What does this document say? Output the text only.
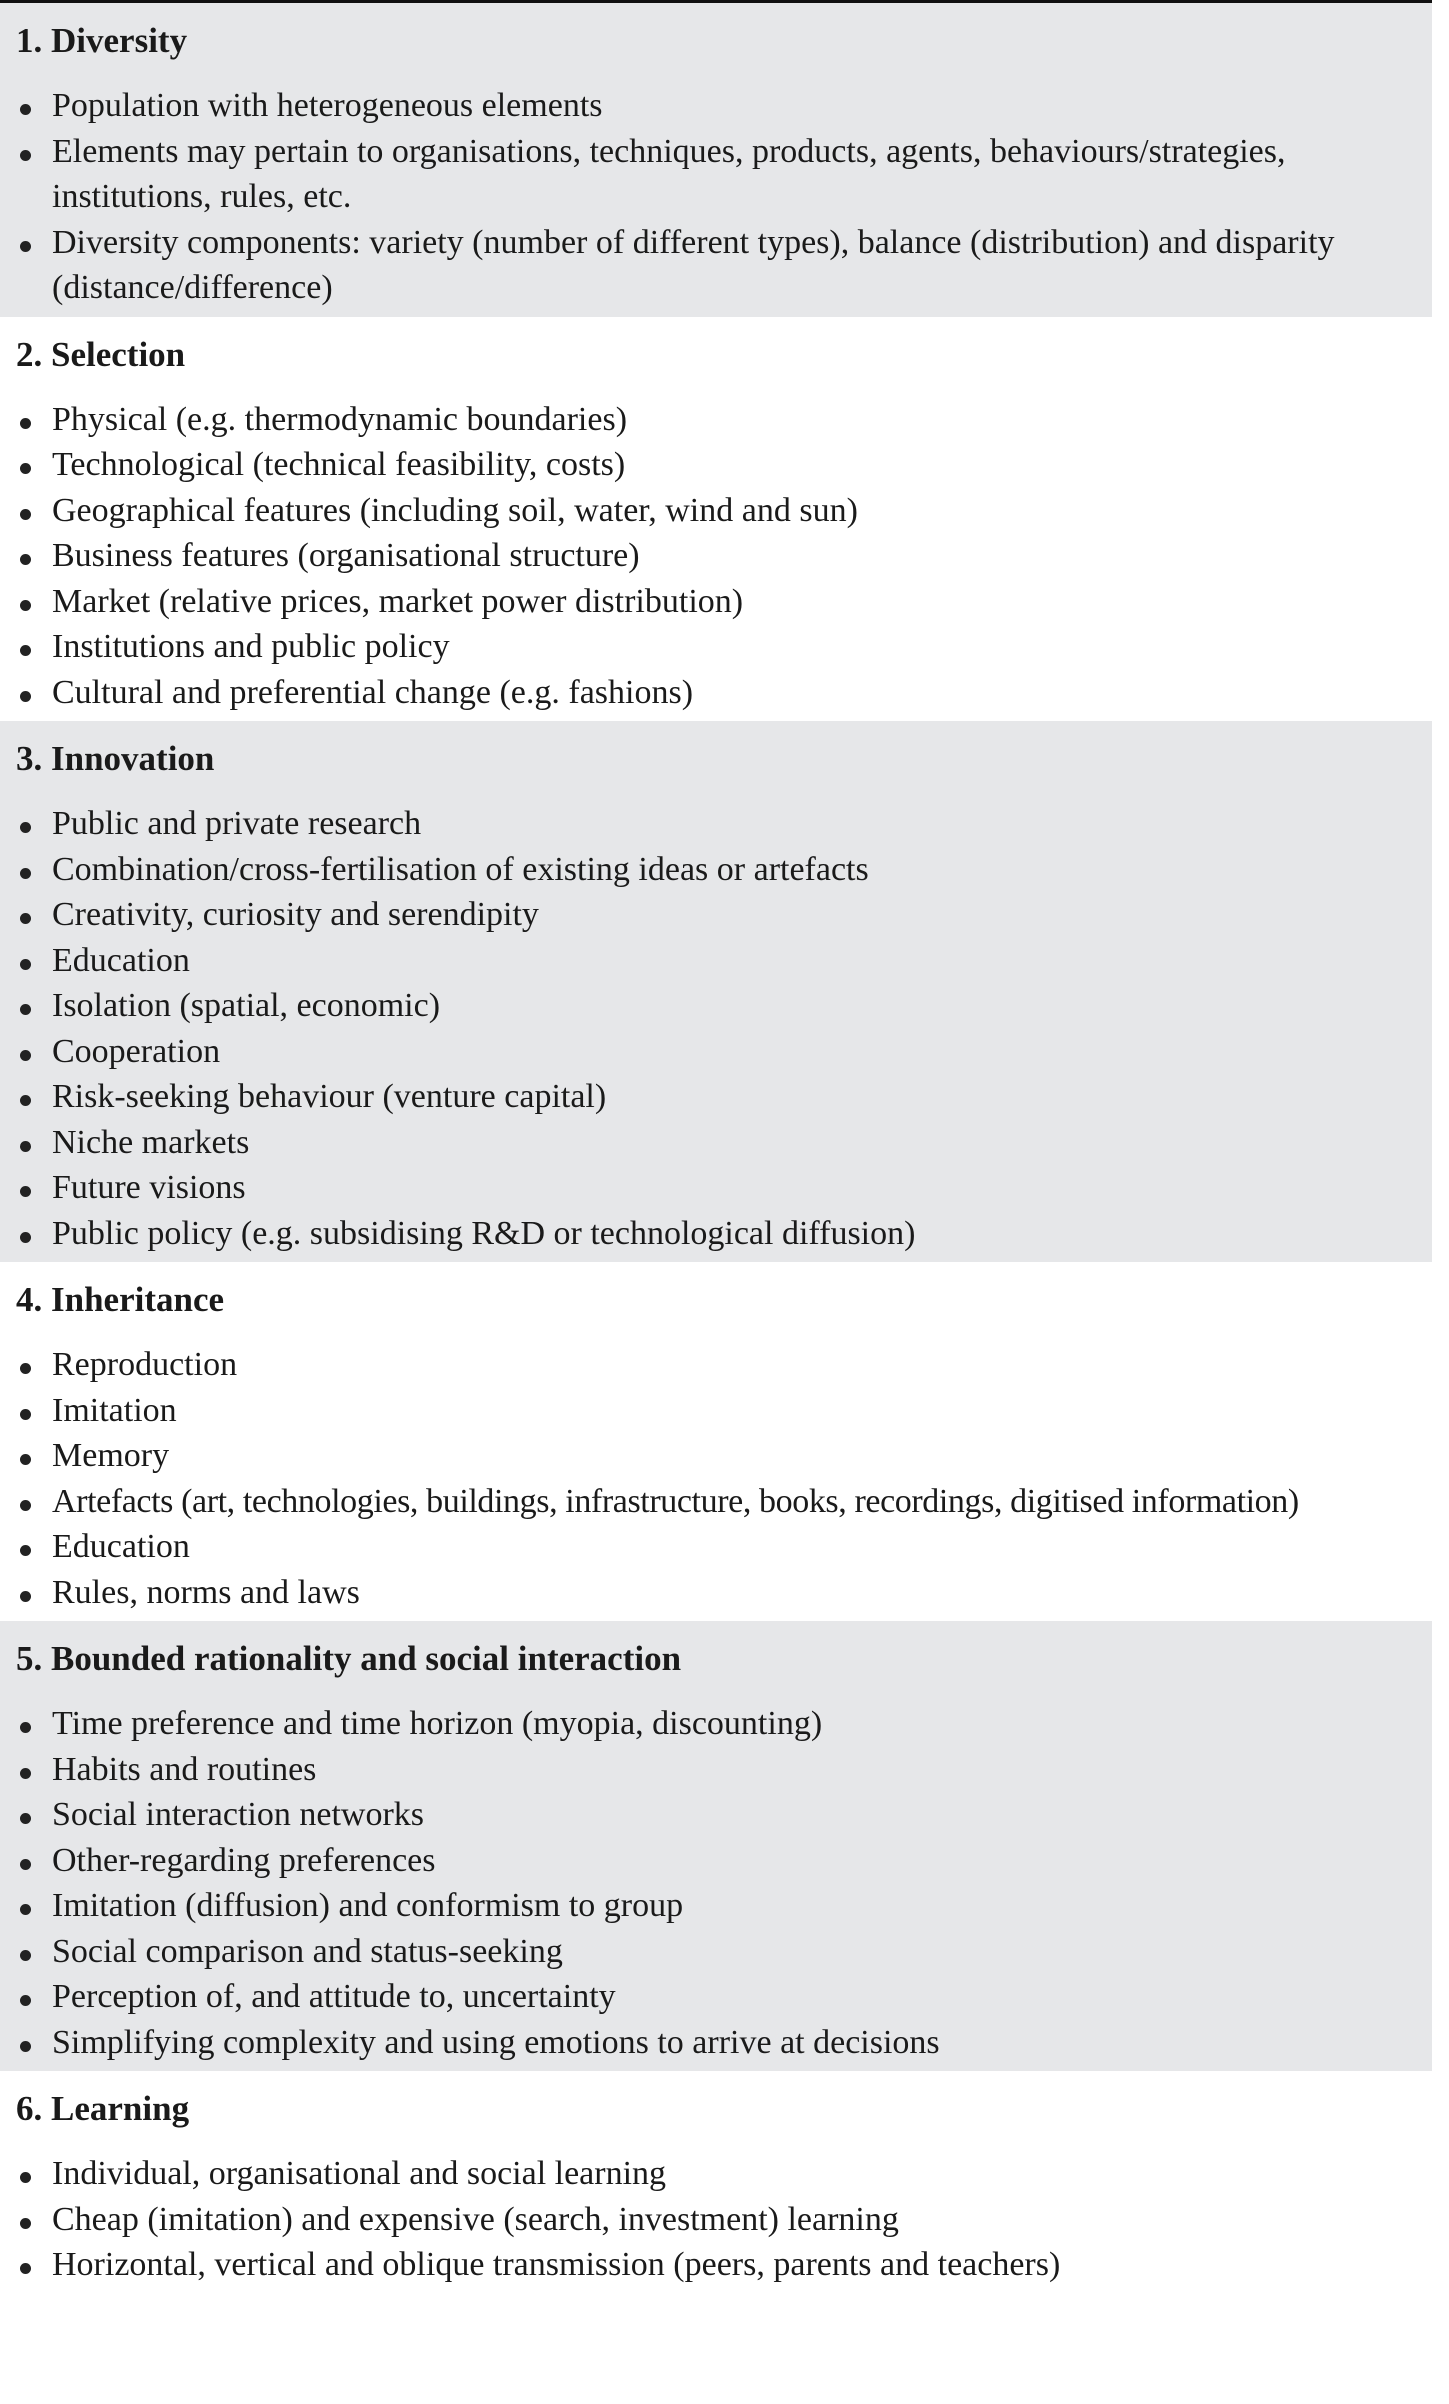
1. Diversity
Population with heterogeneous elements
Elements may pertain to organisations, techniques, products, agents, behaviours/strategies, institutions, rules, etc.
Diversity components: variety (number of different types), balance (distribution) and disparity (distance/difference)
2. Selection
Physical (e.g. thermodynamic boundaries)
Technological (technical feasibility, costs)
Geographical features (including soil, water, wind and sun)
Business features (organisational structure)
Market (relative prices, market power distribution)
Institutions and public policy
Cultural and preferential change (e.g. fashions)
3. Innovation
Public and private research
Combination/cross-fertilisation of existing ideas or artefacts
Creativity, curiosity and serendipity
Education
Isolation (spatial, economic)
Cooperation
Risk-seeking behaviour (venture capital)
Niche markets
Future visions
Public policy (e.g. subsidising R&D or technological diffusion)
4. Inheritance
Reproduction
Imitation
Memory
Artefacts (art, technologies, buildings, infrastructure, books, recordings, digitised information)
Education
Rules, norms and laws
5. Bounded rationality and social interaction
Time preference and time horizon (myopia, discounting)
Habits and routines
Social interaction networks
Other-regarding preferences
Imitation (diffusion) and conformism to group
Social comparison and status-seeking
Perception of, and attitude to, uncertainty
Simplifying complexity and using emotions to arrive at decisions
6. Learning
Individual, organisational and social learning
Cheap (imitation) and expensive (search, investment) learning
Horizontal, vertical and oblique transmission (peers, parents and teachers)
